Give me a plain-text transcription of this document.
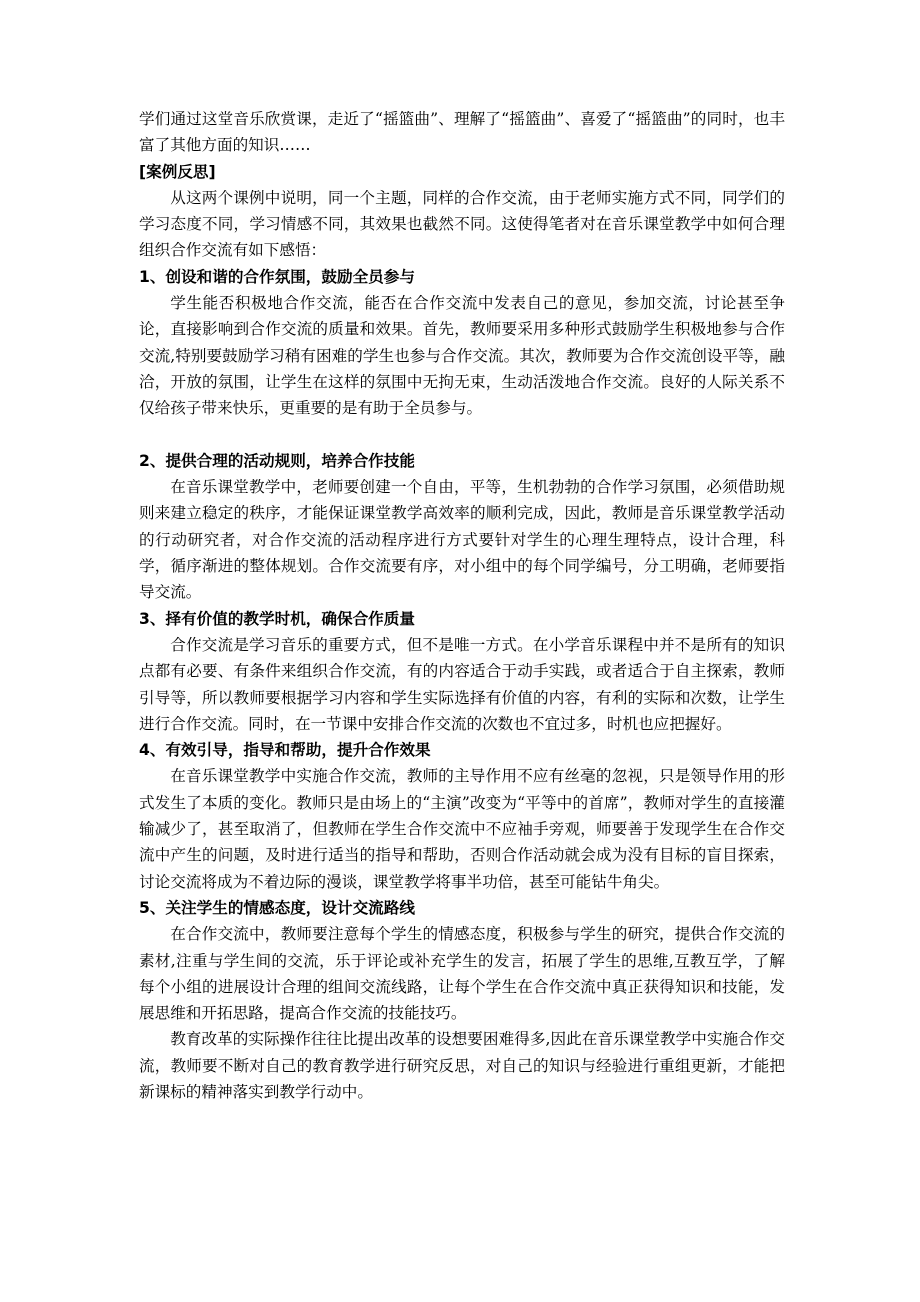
学们通过这堂音乐欣赏课，走近了“摇篮曲”、理解了“摇篮曲”、喜爱了“摇篮曲”的同时，也丰富了其他方面的知识……

[案例反思]

从这两个课例中说明，同一个主题，同样的合作交流，由于老师实施方式不同，同学们的学习态度不同，学习情感不同，其效果也截然不同。这使得笔者对在音乐课堂教学中如何合理组织合作交流有如下感悟：

1、创设和谐的合作氛围，鼓励全员参与

学生能否积极地合作交流，能否在合作交流中发表自己的意见，参加交流，讨论甚至争论，直接影响到合作交流的质量和效果。首先，教师要采用多种形式鼓励学生积极地参与合作交流,特别要鼓励学习稍有困难的学生也参与合作交流。其次，教师要为合作交流创设平等，融洽，开放的氛围，让学生在这样的氛围中无拘无束，生动活泼地合作交流。良好的人际关系不仅给孩子带来快乐，更重要的是有助于全员参与。

2、提供合理的活动规则，培养合作技能

在音乐课堂教学中，老师要创建一个自由，平等，生机勃勃的合作学习氛围，必须借助规则来建立稳定的秩序，才能保证课堂教学高效率的顺利完成，因此，教师是音乐课堂教学活动的行动研究者，对合作交流的活动程序进行方式要针对学生的心理生理特点，设计合理，科学，循序渐进的整体规划。合作交流要有序，对小组中的每个同学编号，分工明确，老师要指导交流。

3、择有价值的教学时机，确保合作质量

合作交流是学习音乐的重要方式，但不是唯一方式。在小学音乐课程中并不是所有的知识点都有必要、有条件来组织合作交流，有的内容适合于动手实践，或者适合于自主探索，教师引导等，所以教师要根据学习内容和学生实际选择有价值的内容，有利的实际和次数，让学生进行合作交流。同时，在一节课中安排合作交流的次数也不宜过多，时机也应把握好。

4、有效引导，指导和帮助，提升合作效果

在音乐课堂教学中实施合作交流，教师的主导作用不应有丝毫的忽视，只是领导作用的形式发生了本质的变化。教师只是由场上的“主演”改变为“平等中的首席”，教师对学生的直接灌输减少了，甚至取消了，但教师在学生合作交流中不应袖手旁观，师要善于发现学生在合作交流中产生的问题，及时进行适当的指导和帮助，否则合作活动就会成为没有目标的盲目探索，讨论交流将成为不着边际的漫谈，课堂教学将事半功倍，甚至可能钻牛角尖。

5、关注学生的情感态度，设计交流路线

在合作交流中，教师要注意每个学生的情感态度，积极参与学生的研究，提供合作交流的素材,注重与学生间的交流，乐于评论或补充学生的发言，拓展了学生的思维,互教互学，了解每个小组的进展设计合理的组间交流线路，让每个学生在合作交流中真正获得知识和技能，发展思维和开拓思路，提高合作交流的技能技巧。

教育改革的实际操作往往比提出改革的设想要困难得多,因此在音乐课堂教学中实施合作交流，教师要不断对自己的教育教学进行研究反思，对自己的知识与经验进行重组更新，才能把新课标的精神落实到教学行动中。
